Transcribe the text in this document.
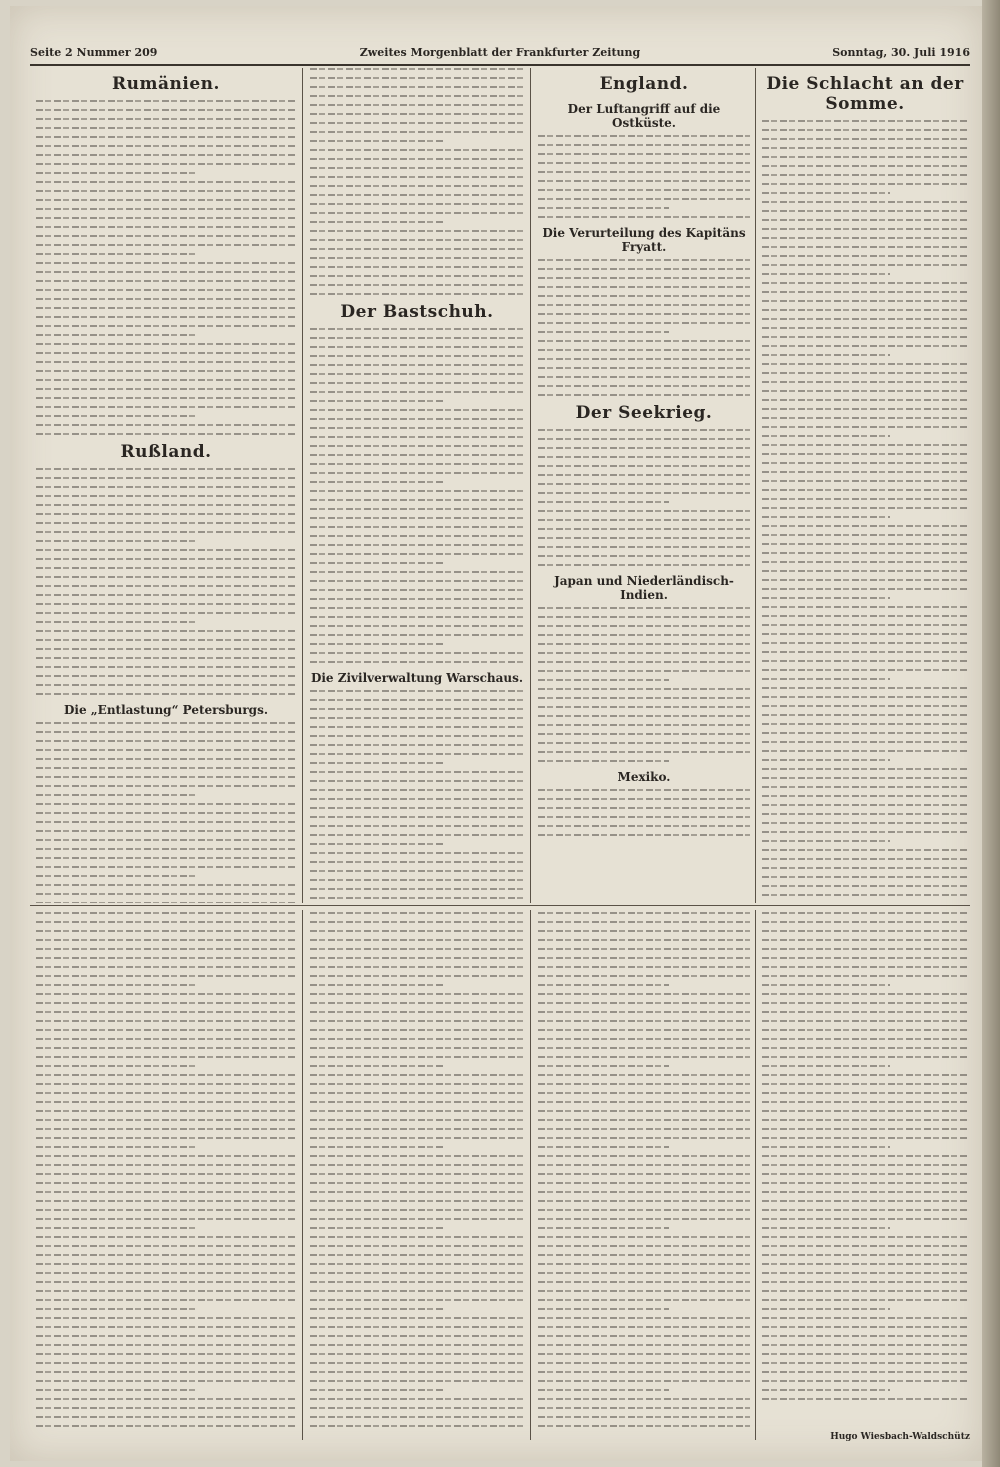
Seite 2 Nummer 209	Zweites Morgenblatt der Frankfurter Zeitung	Sonntag, 30. Juli 1916
Rumänien.
Rußland.
Die „Entlastung“ Petersburgs.
Der Bastschuh.
Die Zivilverwaltung Warschaus.
England.
Der Luftangriff auf die Ostküste.
Die Verurteilung des Kapitäns Fryatt.
Der Seekrieg.
Japan und Niederländisch-Indien.
Mexiko.
Die Schlacht an der Somme.
Hugo Wiesbach-Waldschütz
